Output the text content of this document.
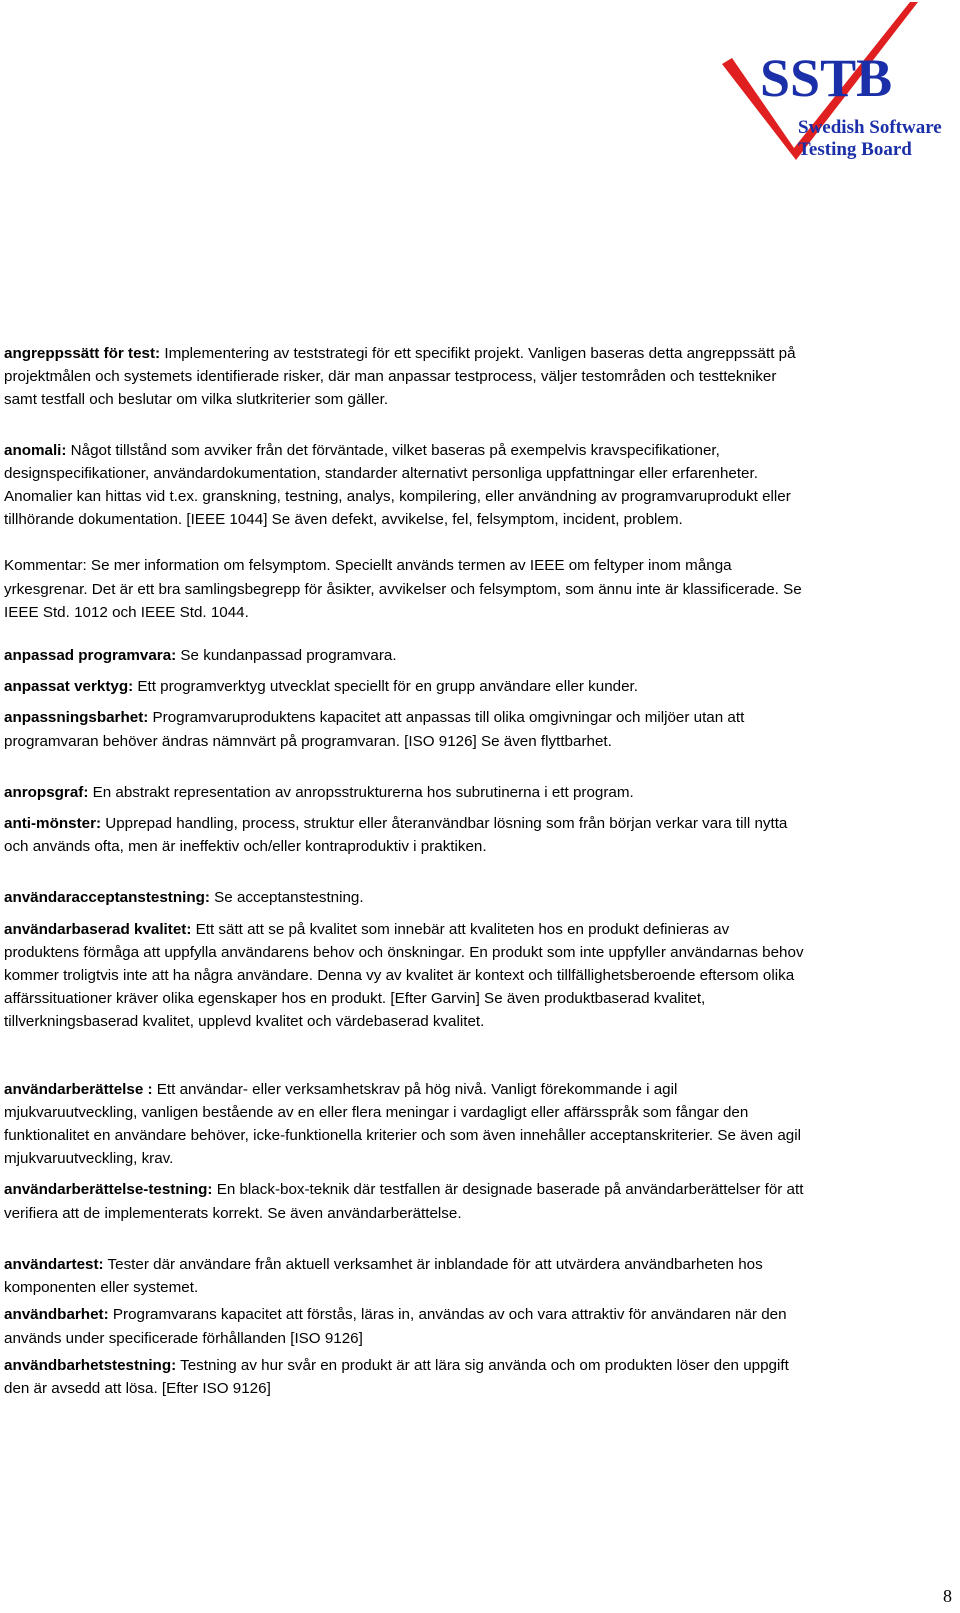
SSTB
Swedish Software
Testing Board

angreppssätt för test: Implementering av teststrategi för ett specifikt projekt. Vanligen baseras detta angreppssätt på projektmålen och systemets identifierade risker, där man anpassar testprocess, väljer testområden och testtekniker samt testfall och beslutar om vilka slutkriterier som gäller.

anomali: Något tillstånd som avviker från det förväntade, vilket baseras på exempelvis kravspecifikationer, designspecifikationer, användardokumentation, standarder alternativt personliga uppfattningar eller erfarenheter.

Anomalier kan hittas vid t.ex. granskning, testning, analys, kompilering, eller användning av programvaruprodukt eller tillhörande dokumentation. [IEEE 1044] Se även defekt, avvikelse, fel, felsymptom, incident, problem.

Kommentar: Se mer information om felsymptom. Speciellt används termen av IEEE om feltyper inom många yrkesgrenar. Det är ett bra samlingsbegrepp för åsikter, avvikelser och felsymptom, som ännu inte är klassificerade. Se IEEE Std. 1012 och IEEE Std. 1044.

anpassad programvara: Se kundanpassad programvara.

anpassat verktyg: Ett programverktyg utvecklat speciellt för en grupp användare eller kunder.

anpassningsbarhet: Programvaruproduktens kapacitet att anpassas till olika omgivningar och miljöer utan att programvaran behöver ändras nämnvärt på programvaran. [ISO 9126] Se även flyttbarhet.

anropsgraf: En abstrakt representation av anropsstrukturerna hos subrutinerna i ett program.

anti-mönster: Upprepad handling, process, struktur eller återanvändbar lösning som från början verkar vara till nytta och används ofta, men är ineffektiv och/eller kontraproduktiv i praktiken.

användaracceptanstestning: Se acceptanstestning.

användarbaserad kvalitet: Ett sätt att se på kvalitet som innebär att kvaliteten hos en produkt definieras av produktens förmåga att uppfylla användarens behov och önskningar. En produkt som inte uppfyller användarnas behov kommer troligtvis inte att ha några användare. Denna vy av kvalitet är kontext och tillfällighetsberoende eftersom olika affärssituationer kräver olika egenskaper hos en produkt. [Efter Garvin] Se även produktbaserad kvalitet, tillverkningsbaserad kvalitet, upplevd kvalitet och värdebaserad kvalitet.

användarberättelse : Ett användar- eller verksamhetskrav på hög nivå. Vanligt förekommande i agil mjukvaruutveckling, vanligen bestående av en eller flera meningar i vardagligt eller affärsspråk som fångar den funktionalitet en användare behöver, icke-funktionella kriterier och som även innehåller acceptanskriterier. Se även agil mjukvaruutveckling, krav.

användarberättelse-testning: En black-box-teknik där testfallen är designade baserade på användarberättelser för att verifiera att de implementerats korrekt. Se även användarberättelse.

användartest: Tester där användare från aktuell verksamhet är inblandade för att utvärdera användbarheten hos komponenten eller systemet.

användbarhet: Programvarans kapacitet att förstås, läras in, användas av och vara attraktiv för användaren när den används under specificerade förhållanden [ISO 9126]

användbarhetstestning: Testning av hur svår en produkt är att lära sig använda och om produkten löser den uppgift den är avsedd att lösa. [Efter ISO 9126]

8
